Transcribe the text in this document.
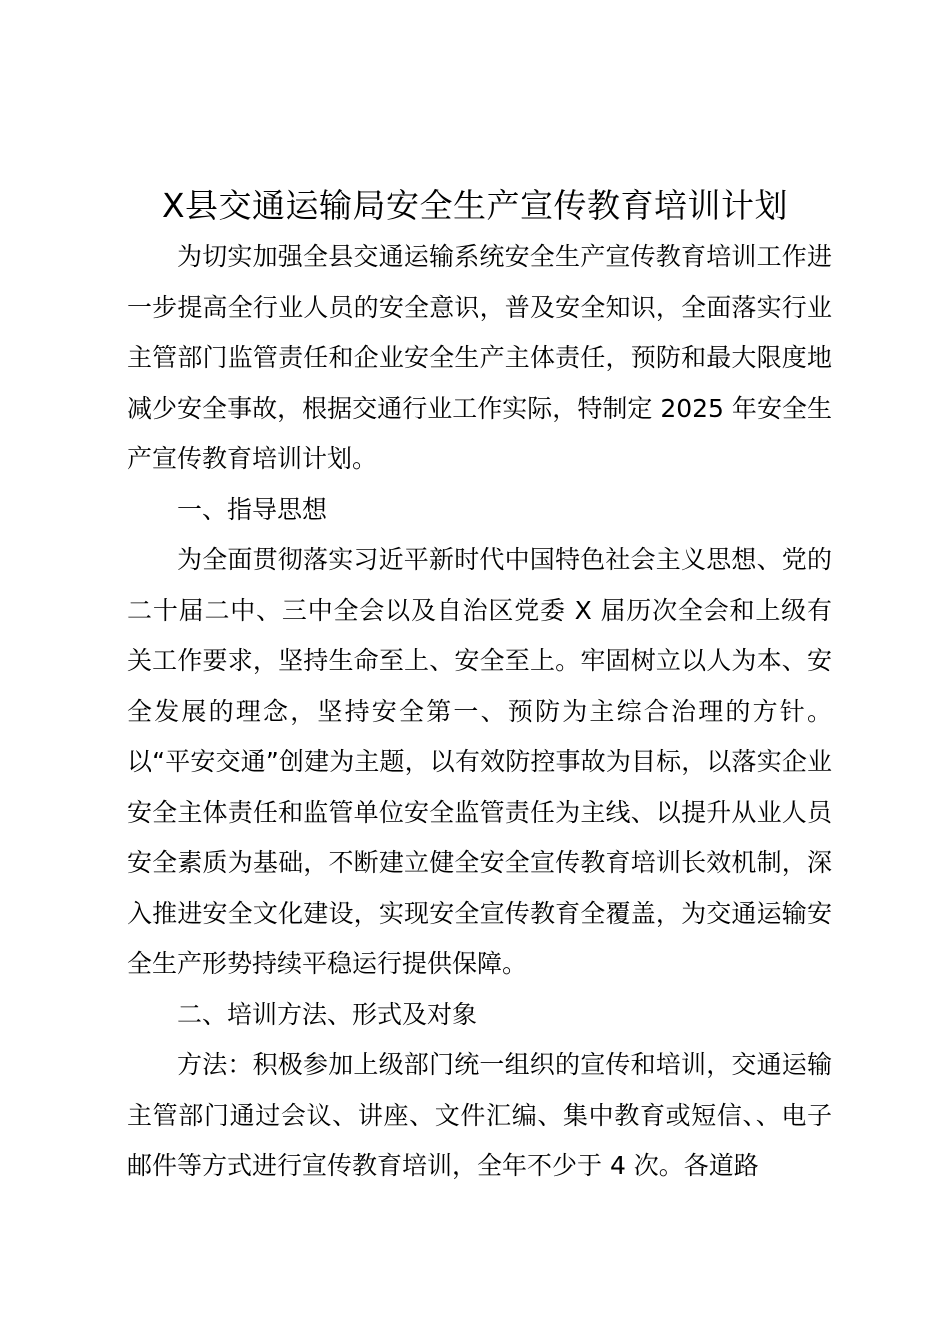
X县交通运输局安全生产宣传教育培训计划

为切实加强全县交通运输系统安全生产宣传教育培训工作进一步提高全行业人员的安全意识，普及安全知识，全面落实行业主管部门监管责任和企业安全生产主体责任，预防和最大限度地减少安全事故，根据交通行业工作实际，特制定 2025 年安全生产宣传教育培训计划。

一、指导思想

为全面贯彻落实习近平新时代中国特色社会主义思想、党的二十届二中、三中全会以及自治区党委 X 届历次全会和上级有关工作要求，坚持生命至上、安全至上。牢固树立以人为本、安全发展的理念，坚持安全第一、预防为主综合治理的方针。以“平安交通”创建为主题，以有效防控事故为目标，以落实企业安全主体责任和监管单位安全监管责任为主线、以提升从业人员安全素质为基础，不断建立健全安全宣传教育培训长效机制，深入推进安全文化建设，实现安全宣传教育全覆盖，为交通运输安全生产形势持续平稳运行提供保障。

二、培训方法、形式及对象

方法：积极参加上级部门统一组织的宣传和培训，交通运输主管部门通过会议、讲座、文件汇编、集中教育或短信、、电子邮件等方式进行宣传教育培训，全年不少于 4 次。各道路
